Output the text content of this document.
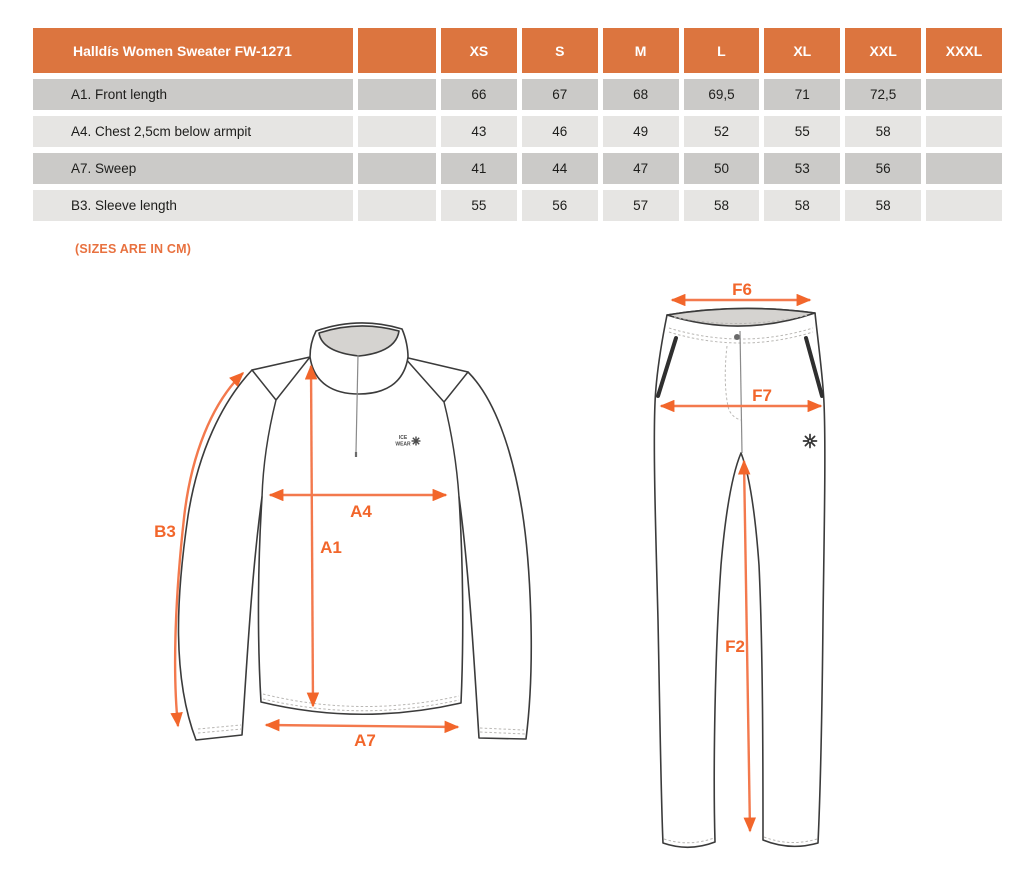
Halldís Women Sweater FW-1271		XS	S	M	L	XL	XXL	XXXL
A1. Front length		66	67	68	69,5	71	72,5	
A4. Chest 2,5cm below armpit		43	46	49	52	55	58	
A7. Sweep		41	44	47	50	53	56	
B3. Sleeve length		55	56	57	58	58	58	
(SIZES ARE IN CM)
ICE
WEAR
B3
A4
A1
A7
F6
F7
F2
